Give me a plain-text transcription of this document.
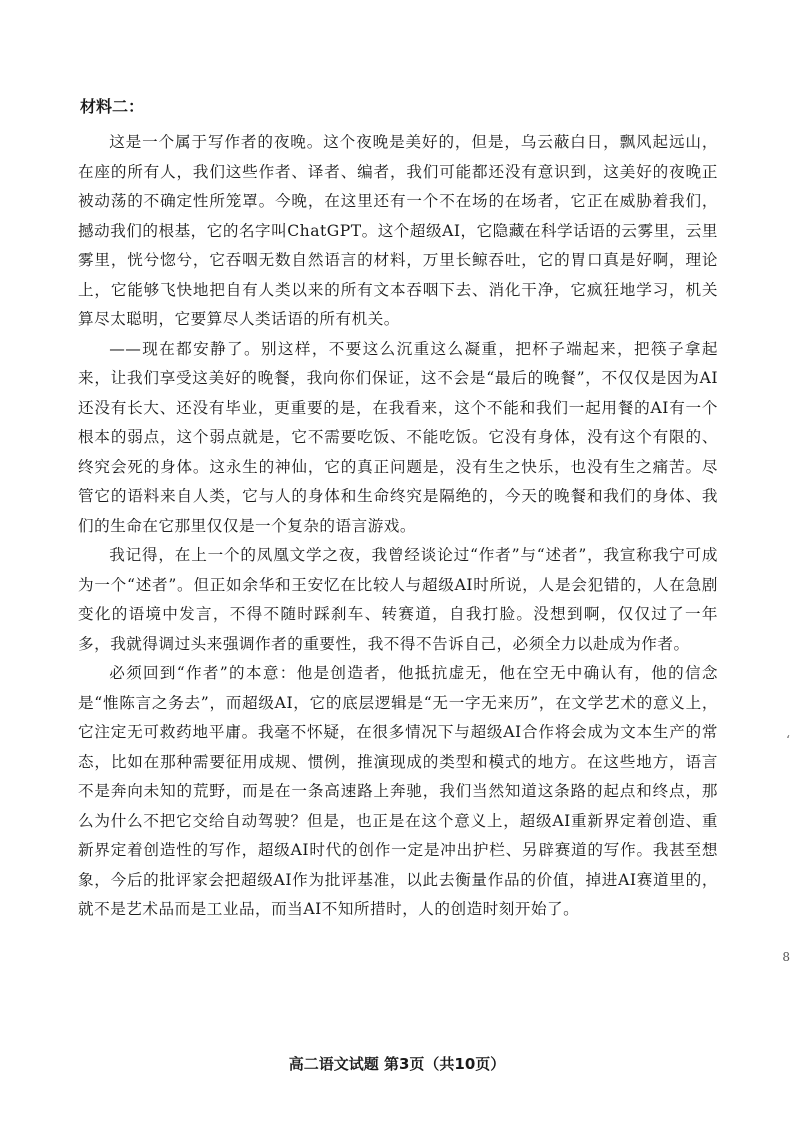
材料二：

这是一个属于写作者的夜晚。这个夜晚是美好的，但是，乌云蔽白日，飘风起远山，在座的所有人，我们这些作者、译者、编者，我们可能都还没有意识到，这美好的夜晚正被动荡的不确定性所笼罩。今晚，在这里还有一个不在场的在场者，它正在威胁着我们，撼动我们的根基，它的名字叫ChatGPT。这个超级AI，它隐藏在科学话语的云雾里，云里雾里，恍兮惚兮，它吞咽无数自然语言的材料，万里长鲸吞吐，它的胃口真是好啊，理论上，它能够飞快地把自有人类以来的所有文本吞咽下去、消化干净，它疯狂地学习，机关算尽太聪明，它要算尽人类话语的所有机关。

——现在都安静了。别这样，不要这么沉重这么凝重，把杯子端起来，把筷子拿起来，让我们享受这美好的晚餐，我向你们保证，这不会是“最后的晚餐”，不仅仅是因为AI还没有长大、还没有毕业，更重要的是，在我看来，这个不能和我们一起用餐的AI有一个根本的弱点，这个弱点就是，它不需要吃饭、不能吃饭。它没有身体，没有这个有限的、终究会死的身体。这永生的神仙，它的真正问题是，没有生之快乐，也没有生之痛苦。尽管它的语料来自人类，它与人的身体和生命终究是隔绝的，今天的晚餐和我们的身体、我们的生命在它那里仅仅是一个复杂的语言游戏。

我记得，在上一个的凤凰文学之夜，我曾经谈论过“作者”与“述者”，我宣称我宁可成为一个“述者”。但正如余华和王安忆在比较人与超级AI时所说，人是会犯错的，人在急剧变化的语境中发言，不得不随时踩刹车、转赛道，自我打脸。没想到啊，仅仅过了一年多，我就得调过头来强调作者的重要性，我不得不告诉自己，必须全力以赴成为作者。

必须回到“作者”的本意：他是创造者，他抵抗虚无，他在空无中确认有，他的信念是“惟陈言之务去”，而超级AI，它的底层逻辑是“无一字无来历”，在文学艺术的意义上，它注定无可救药地平庸。我毫不怀疑，在很多情况下与超级AI合作将会成为文本生产的常态，比如在那种需要征用成规、惯例，推演现成的类型和模式的地方。在这些地方，语言不是奔向未知的荒野，而是在一条高速路上奔驰，我们当然知道这条路的起点和终点，那么为什么不把它交给自动驾驶？但是，也正是在这个意义上，超级AI重新界定着创造、重新界定着创造性的写作，超级AI时代的创作一定是冲出护栏、另辟赛道的写作。我甚至想象，今后的批评家会把超级AI作为批评基准，以此去衡量作品的价值，掉进AI赛道里的，就不是艺术品而是工业品，而当AI不知所措时，人的创造时刻开始了。

‘
8

高二语文试题 第3页（共10页）
